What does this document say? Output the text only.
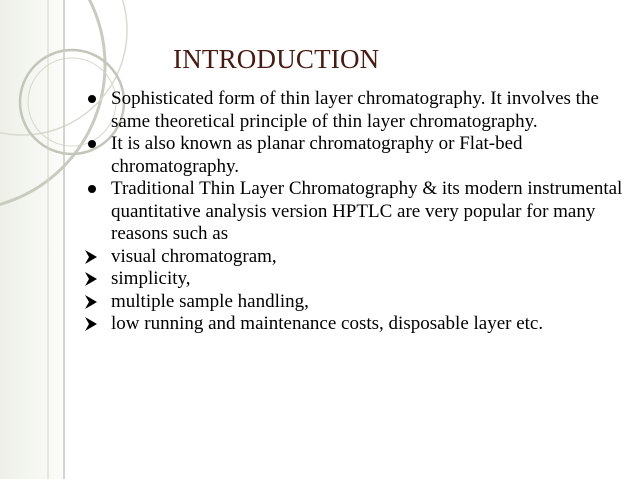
INTRODUCTION
Sophisticated form of thin layer chromatography. It involves the same theoretical principle of thin layer chromatography.
It is also known as planar chromatography or Flat-bed chromatography.
Traditional Thin Layer Chromatography & its modern instrumental quantitative analysis version HPTLC are very popular for many reasons such as
visual chromatogram,
simplicity,
multiple sample handling,
low running and maintenance costs, disposable layer etc.
